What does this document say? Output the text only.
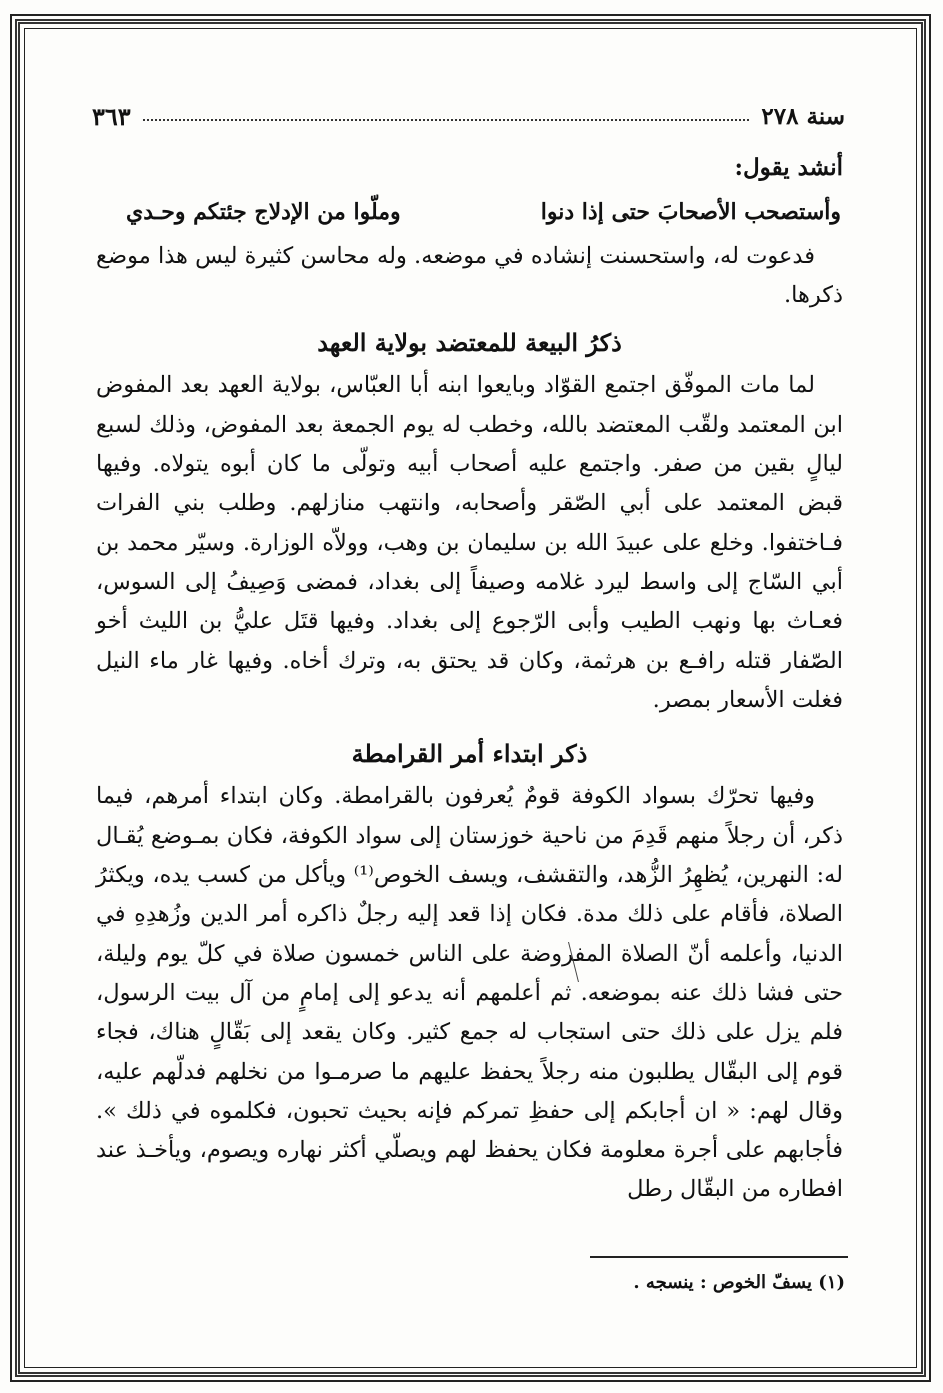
سنة ٢٧٨
٣٦٣

أنشد يقول:

وأستصحب الأصحابَ حتى إذا دنوا
وملّوا من الإدلاج جئتكم وحـدي

فدعوت له، واستحسنت إنشاده في موضعه. وله محاسن كثيرة ليس هذا موضع ذكرها.

ذكرُ البيعة للمعتضد بولاية العهد

لما مات الموفّق اجتمع القوّاد وبايعوا ابنه أبا العبّاس، بولاية العهد بعد المفوض ابن المعتمد ولقّب المعتضد بالله، وخطب له يوم الجمعة بعد المفوض، وذلك لسبع ليالٍ بقين من صفر. واجتمع عليه أصحاب أبيه وتولّى ما كان أبوه يتولاه. وفيها قبض المعتمد على أبي الصّقر وأصحابه، وانتهب منازلهم. وطلب بني الفرات فـاختفوا. وخلع على عبيدَ الله بن سليمان بن وهب، وولاّه الوزارة. وسيّر محمد بن أبي السّاج إلى واسط ليرد غلامه وصيفاً إلى بغداد، فمضى وَصِيفُ إلى السوس، فعـاث بها ونهب الطيب وأبى الرّجوع إلى بغداد. وفيها قتَل عليُّ بن الليث أخو الصّفار قتله رافـع بن هرثمة، وكان قد يحتق به، وترك أخاه. وفيها غار ماء النيل فغلت الأسعار بمصر.

ذكر ابتداء أمر القرامطة

وفيها تحرّك بسواد الكوفة قومٌ يُعرفون بالقرامطة. وكان ابتداء أمرهم، فيما ذكر، أن رجلاً منهم قَدِمَ من ناحية خوزستان إلى سواد الكوفة، فكان بمـوضع يُقـال له: النهرين، يُظهِرُ الزُّهد، والتقشف، ويسف الخوص⁽¹⁾ ويأكل من كسب يده، ويكثرُ الصلاة، فأقام على ذلك مدة. فكان إذا قعد إليه رجلٌ ذاكره أمر الدين وزُهدِهِ في الدنيا، وأعلمه أنّ الصلاة المفروضة على الناس خمسون صلاة في كلّ يوم وليلة، حتى فشا ذلك عنه بموضعه. ثم أعلمهم أنه يدعو إلى إمامٍ من آل بيت الرسول، فلم يزل على ذلك حتى استجاب له جمع كثير. وكان يقعد إلى بَقّالٍ هناك، فجاء قوم إلى البقّال يطلبون منه رجلاً يحفظ عليهم ما صرمـوا من نخلهم فدلّهم عليه، وقال لهم: « ان أجابكم إلى حفظِ تمركم فإنه بحيث تحبون، فكلموه في ذلك ». فأجابهم على أجرة معلومة فكان يحفظ لهم ويصلّي أكثر نهاره ويصوم، ويأخـذ عند افطاره من البقّال رطل

(١) يسفّ الخوص : ينسجه .
